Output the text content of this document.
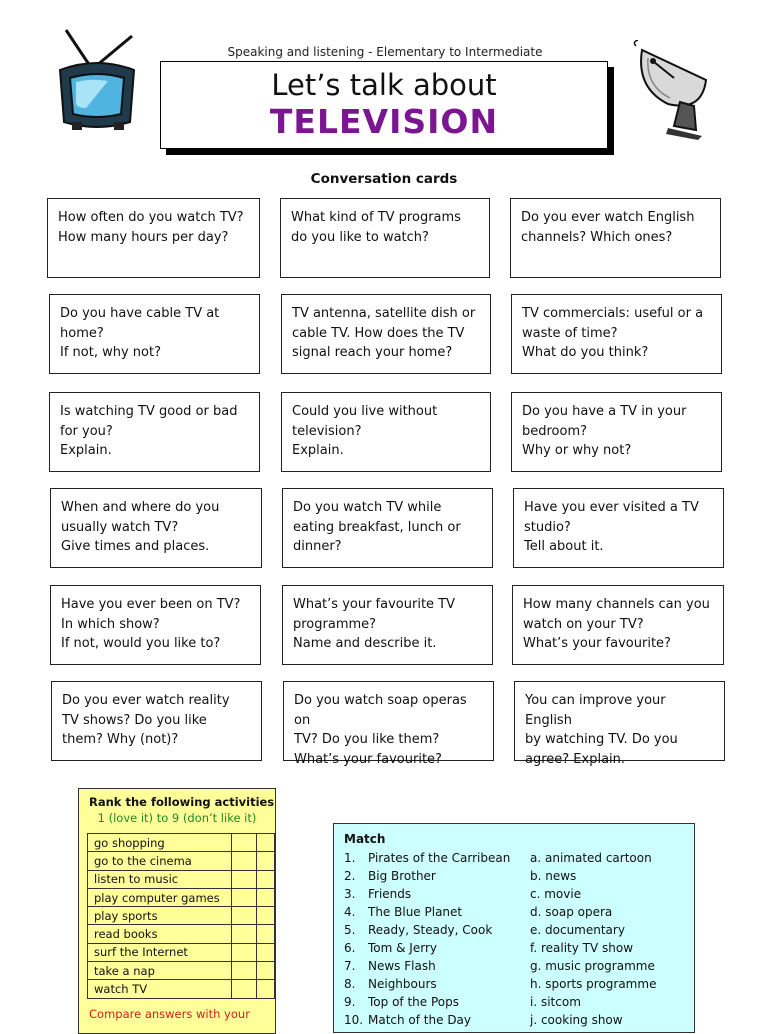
Speaking and listening - Elementary to Intermediate
Let’s talk about
TELEVISION
Conversation cards
How often do you watch TV?
How many hours per day?
What kind of TV programs
do you like to watch?
Do you ever watch English
channels? Which ones?
Do you have cable TV at
home?
If not, why not?
TV antenna, satellite dish or
cable TV. How does the TV
signal reach your home?
TV commercials: useful or a
waste of time?
What do you think?
Is watching TV good or bad
for you?
Explain.
Could you live without
television?
Explain.
Do you have a TV in your
bedroom?
Why or why not?
When and where do you
usually watch TV?
Give times and places.
Do you watch TV while
eating breakfast, lunch or
dinner?
Have you ever visited a TV
studio?
Tell about it.
Have you ever been on TV?
In which show?
If not, would you like to?
What’s your favourite TV
programme?
Name and describe it.
How many channels can you
watch on your TV?
What’s your favourite?
Do you ever watch reality
TV shows? Do you like
them? Why (not)?
Do you watch soap operas on
TV? Do you like them?
What’s your favourite?
You can improve your English
by watching TV. Do you
agree? Explain.
Rank the following activities
1 (love it) to 9 (don’t like it)
go shopping		
go to the cinema		
listen to music		
play computer games		
play sports		
read books		
surf the Internet		
take a nap		
watch TV		
Compare answers with your
Match
1. Pirates of the Carribean a. animated cartoon
2. Big Brother	b. news
3. Friends	c. movie
4. The Blue Planet	d. soap opera
5. Ready, Steady, Cook	e. documentary
6. Tom & Jerry	f. reality TV show
7. News Flash	g. music programme
8. Neighbours	h. sports programme
9. Top of the Pops	i. sitcom
10. Match of the Day	j. cooking show
